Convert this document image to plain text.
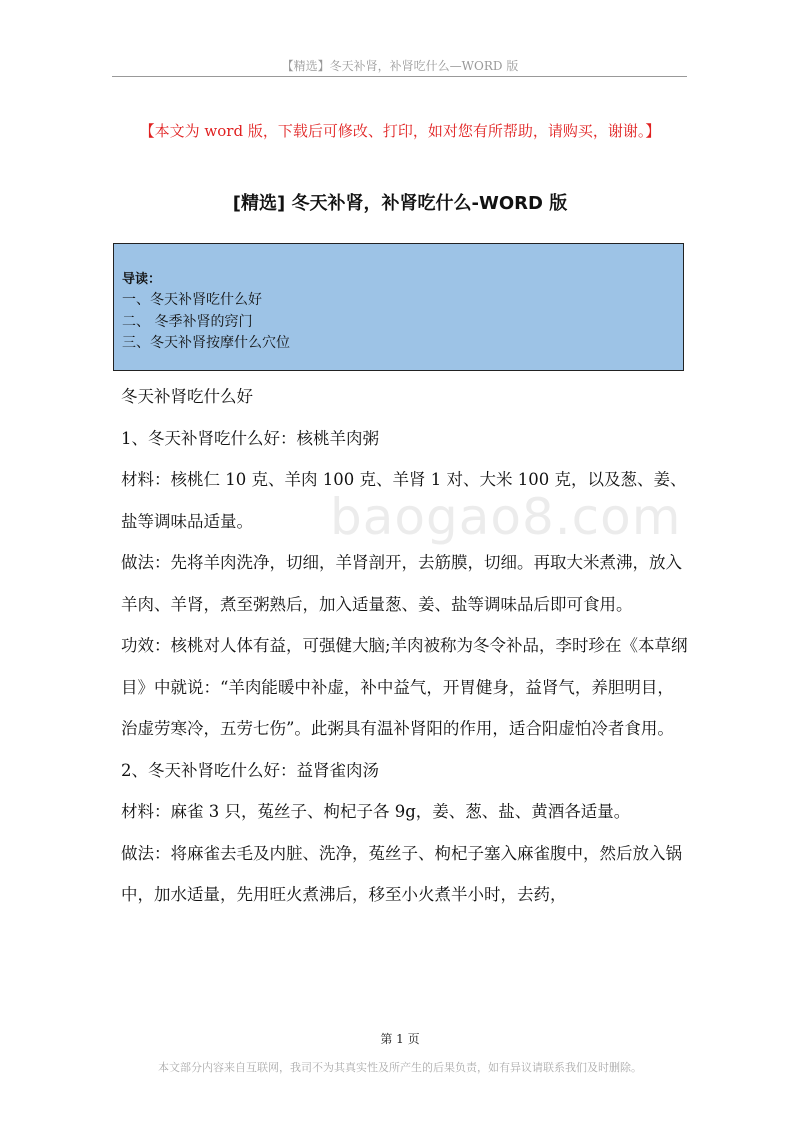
【精选】冬天补肾，补肾吃什么—WORD 版
【本文为 word 版，下载后可修改、打印，如对您有所帮助，请购买，谢谢。】
[精选] 冬天补肾，补肾吃什么-WORD 版
导读：
一、冬天补肾吃什么好
二、 冬季补肾的窍门
三、冬天补肾按摩什么穴位

冬天补肾吃什么好

1、冬天补肾吃什么好：核桃羊肉粥

材料：核桃仁 10 克、羊肉 100 克、羊肾 1 对、大米 100 克，以及葱、姜、盐等调味品适量。

做法：先将羊肉洗净，切细，羊肾剖开，去筋膜，切细。再取大米煮沸，放入羊肉、羊肾，煮至粥熟后，加入适量葱、姜、盐等调味品后即可食用。

功效：核桃对人体有益，可强健大脑;羊肉被称为冬令补品，李时珍在《本草纲目》中就说：“羊肉能暖中补虚，补中益气，开胃健身，益肾气，养胆明目，治虚劳寒冷，五劳七伤”。此粥具有温补肾阳的作用，适合阳虚怕冷者食用。

2、冬天补肾吃什么好：益肾雀肉汤

材料：麻雀 3 只，菟丝子、枸杞子各 9g，姜、葱、盐、黄酒各适量。

做法：将麻雀去毛及内脏、洗净，菟丝子、枸杞子塞入麻雀腹中，然后放入锅中，加水适量，先用旺火煮沸后，移至小火煮半小时，去药，

baogao8.com
第 1 页
本文部分内容来自互联网，我司不为其真实性及所产生的后果负责，如有异议请联系我们及时删除。
